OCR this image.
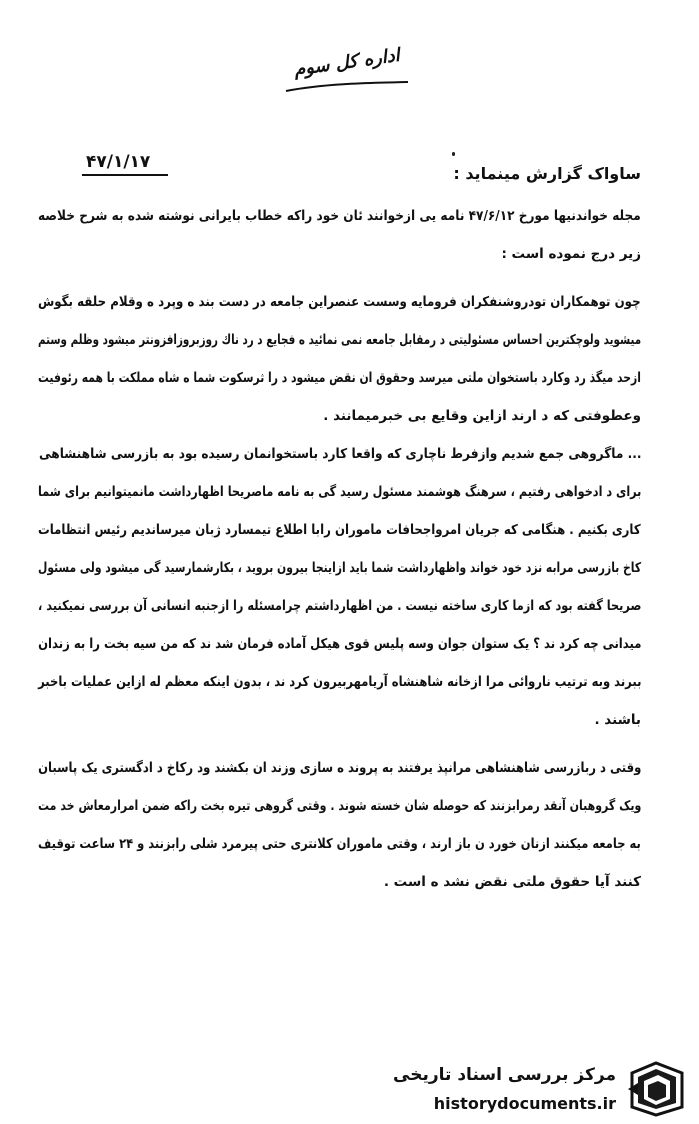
اداره کل سوم
۴۷/۱/۱۷
ساواک گزارش مینماید :
مجله خواندنیها مورخ ۴۷/۶/۱۲ نامه یی ازخوانند ئان خود راکه خطاب بایرانی نوشته شده به شرح خلاصه
زیر درج نموده است :
چون توهمکاران تودروشنفکران فرومایه وسست عنصراین جامعه در دست بند ه وپرد ه وقلام حلقه بگوش
میشوید ولوچکترین احساس مسئولیتی د رمقابل جامعه نمی نمائید ه فجایع د رد ناك روزبروزافزونتر میشود وظلم وستم
ازحد میگذ رد وکارد باستخوان ملتی میرسد وحقوق ان نقض میشود د را ثرسکوت شما ه شاه مملکت با همه رئوفیت
وعطوفتی که د ارند ازاین وقایع بی خبرمیمانند .
... ماگروهی جمع شدیم وازفرط ناچاری که واقعا کارد باستخوانمان رسیده بود به بازرسی شاهنشاهی
برای د ادخواهی رفتیم ، سرهنگ هوشمند مسئول رسید گی به نامه ماصریحا اظهارداشت مانمیتوانیم برای شما
کاری بکنیم . هنگامی که جریان امرواجحافات ماموران رابا اطلاع تیمسارد ژبان میرساندیم رئیس انتظامات
کاخ بازرسی مرابه نزد خود خواند واظهارداشت شما باید ازاینجا بیرون بروید ، بکارشمارسید گی میشود ولی مسئول
صریحا گفته بود که ازما کاری ساخته نیست . من اظهارداشتم چرامسئله را ازجنبه انسانی آن بررسی نمیکنید ،
میدانی چه کرد ند ؟ یک ستوان جوان وسه پلیس قوی هیکل آماده فرمان شد ند که من سیه بخت را به زندان
ببرند وبه ترتیب ناروائی مرا ازخانه شاهنشاه آریامهربیرون کرد ند ، بدون اینکه معظم له ازاین عملیات باخبر
باشند .
وقتی د ربازرسی شاهنشاهی مرانپذ یرفتند به پروند ه سازی وزند ان بکشند ود رکاخ د ادگستری یک پاسبان
ویک گروهبان آنقد رمرابزنند که حوصله شان خسته شوند . وقتی گروهی تیره بخت راکه ضمن امرارمعاش خد مت
به جامعه میکنند ازنان خورد ن باز ارند ، وقتی ماموران کلانتری حتی پیرمرد شلی رابزنند و ۲۴ ساعت توقیف
کنند آیا حقوق ملتی نقض نشد ه است .
مرکز بررسی اسناد تاریخی
historydocuments.ir
